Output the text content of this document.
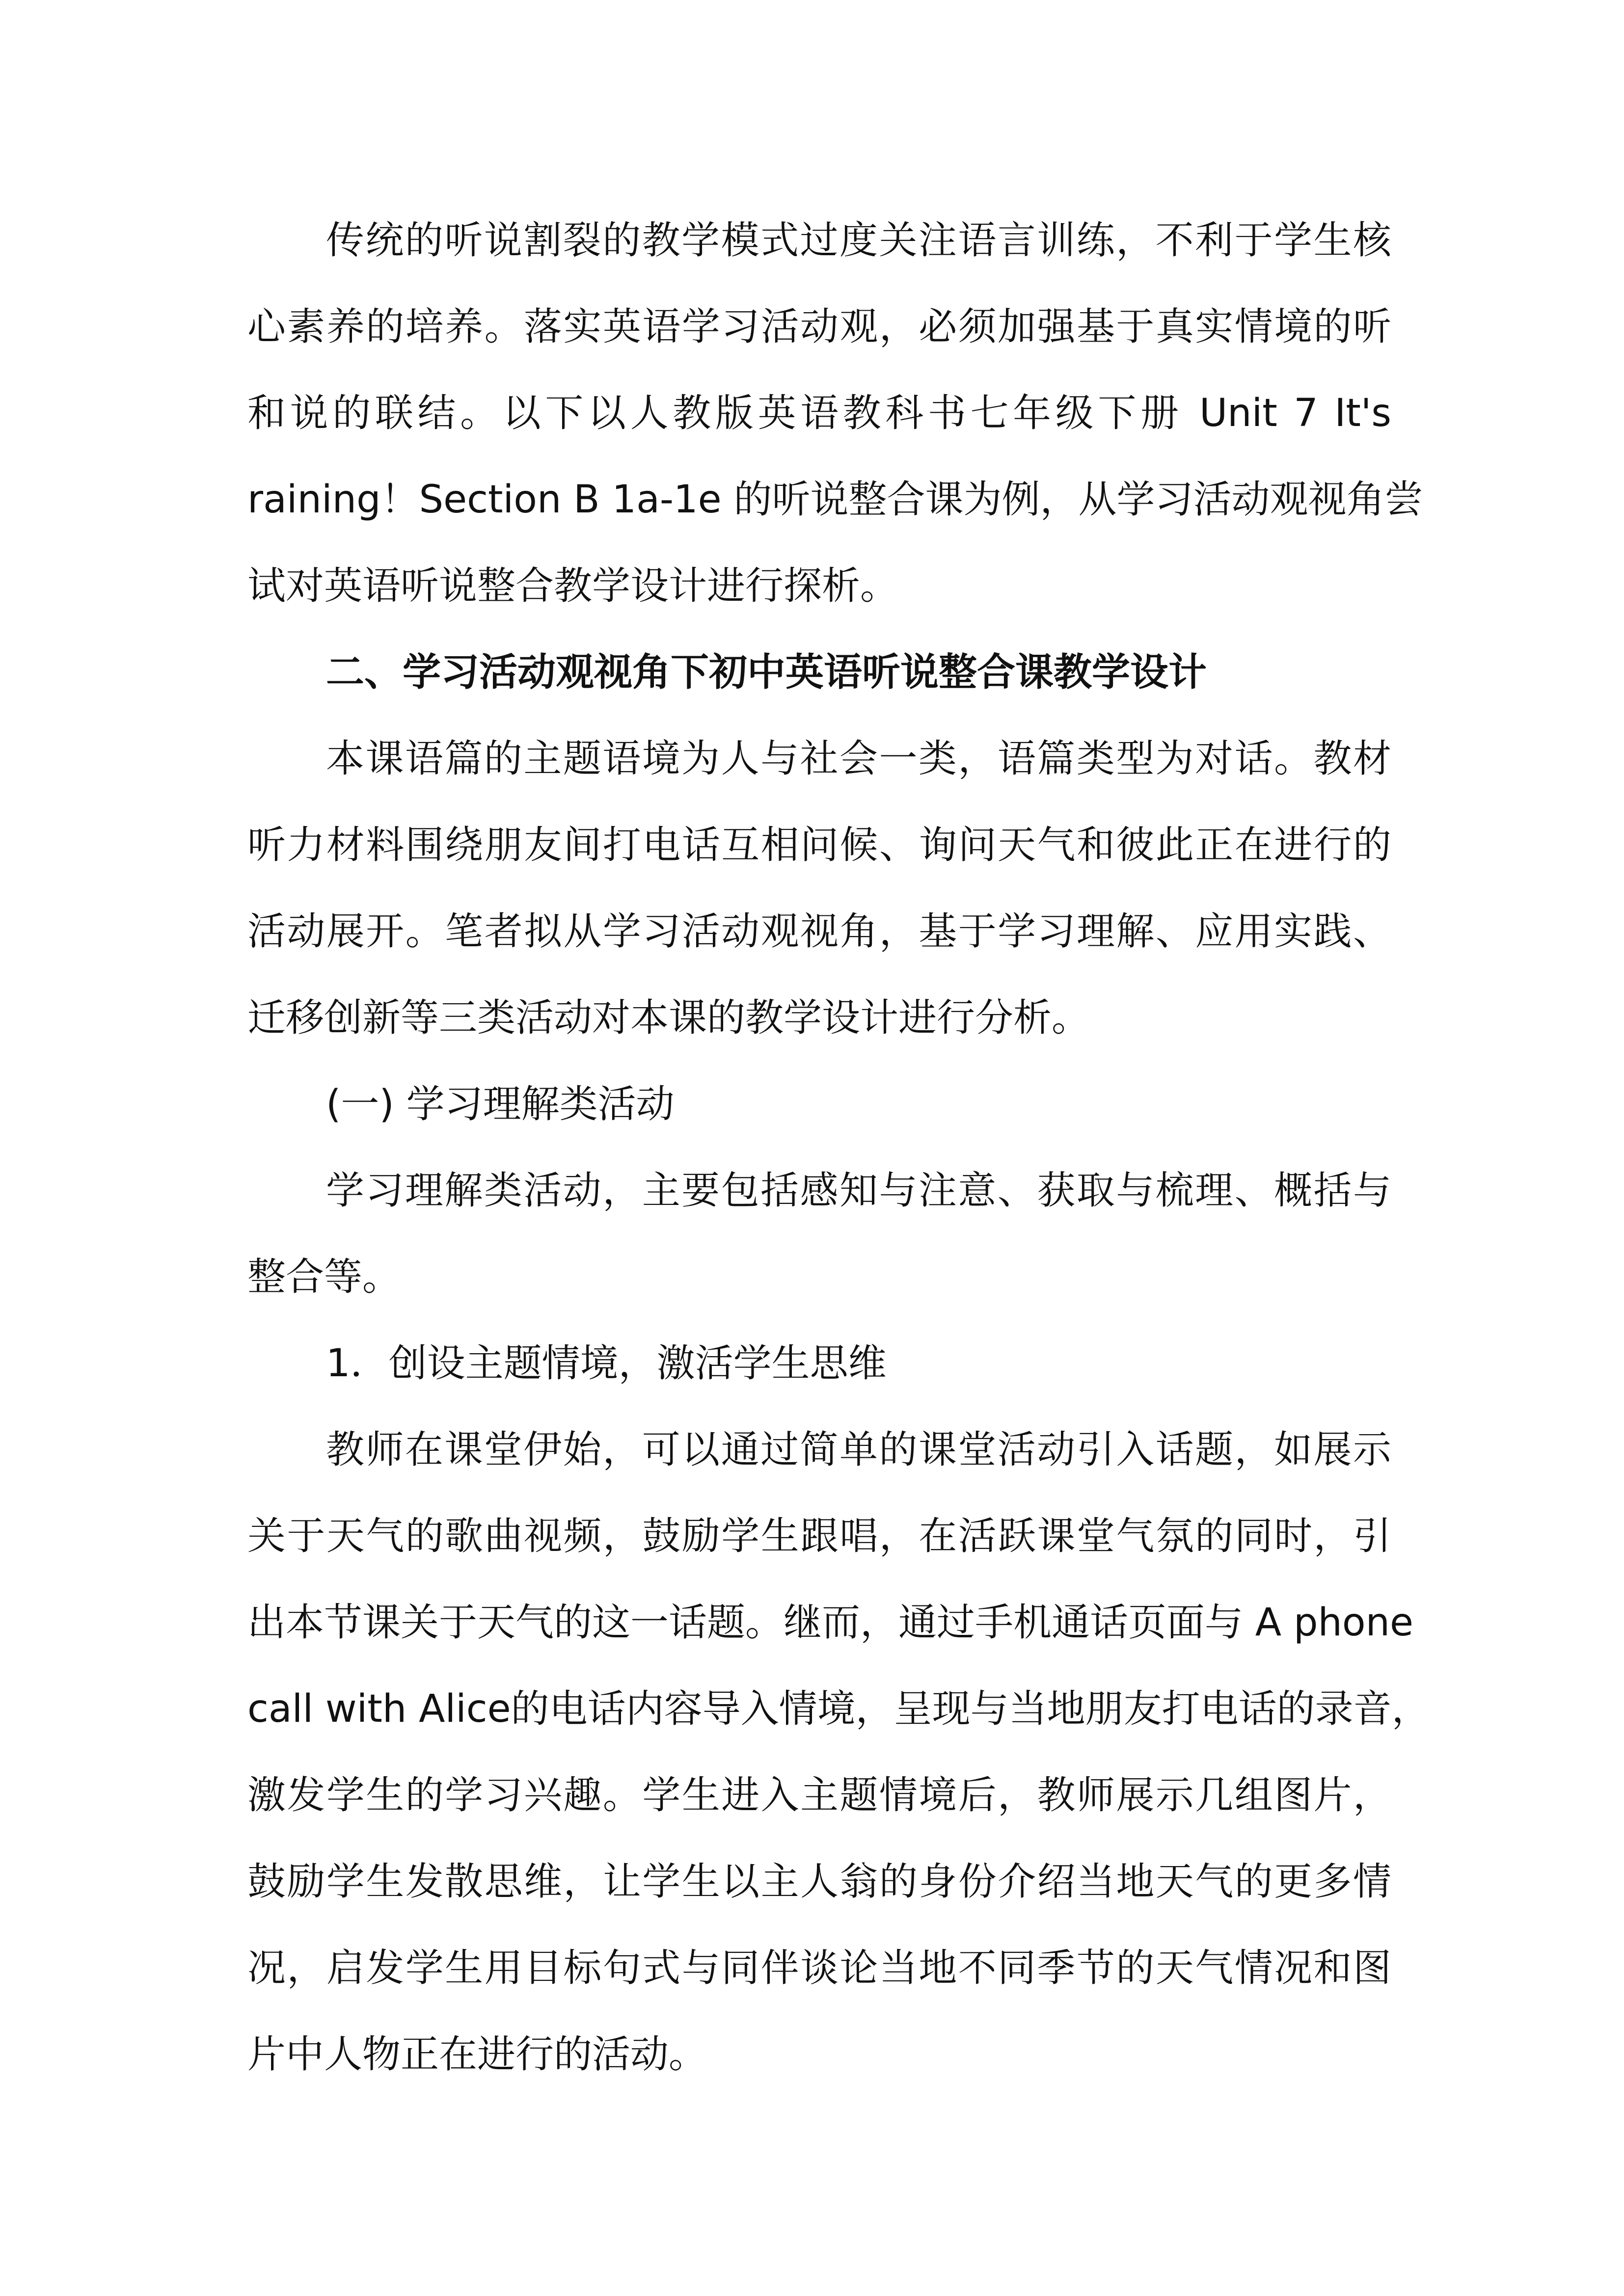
传统的听说割裂的教学模式过度关注语言训练，不利于学生核
心素养的培养。落实英语学习活动观，必须加强基于真实情境的听
和说的联结。以下以人教版英语教科书七年级下册 Unit 7 It's
raining！Section B 1a-1e 的听说整合课为例，从学习活动观视角尝
试对英语听说整合教学设计进行探析。
二、学习活动观视角下初中英语听说整合课教学设计
本课语篇的主题语境为人与社会一类，语篇类型为对话。教材
听力材料围绕朋友间打电话互相问候、询问天气和彼此正在进行的
活动展开。笔者拟从学习活动观视角，基于学习理解、应用实践、
迁移创新等三类活动对本课的教学设计进行分析。
(一) 学习理解类活动
学习理解类活动，主要包括感知与注意、获取与梳理、概括与
整合等。
1．创设主题情境，激活学生思维
教师在课堂伊始，可以通过简单的课堂活动引入话题，如展示
关于天气的歌曲视频，鼓励学生跟唱，在活跃课堂气氛的同时，引
出本节课关于天气的这一话题。继而，通过手机通话页面与 A phone
call with Alice的电话内容导入情境，呈现与当地朋友打电话的录音，
激发学生的学习兴趣。学生进入主题情境后，教师展示几组图片，
鼓励学生发散思维，让学生以主人翁的身份介绍当地天气的更多情
况，启发学生用目标句式与同伴谈论当地不同季节的天气情况和图
片中人物正在进行的活动。
